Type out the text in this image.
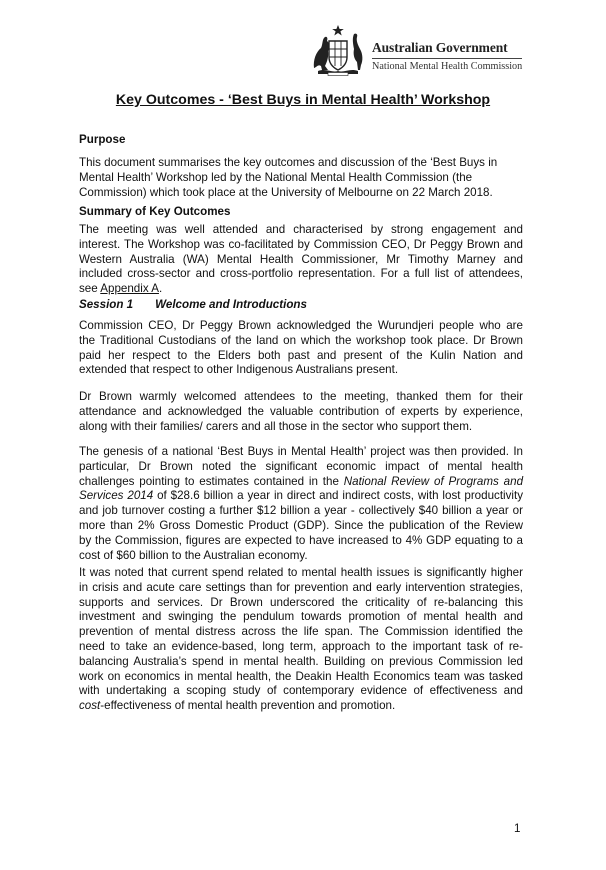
Australian Government
National Mental Health Commission
Key Outcomes - ‘Best Buys in Mental Health’ Workshop
Purpose
This document summarises the key outcomes and discussion of the ‘Best Buys in
Mental Health’ Workshop led by the National Mental Health Commission (the
Commission) which took place at the University of Melbourne on 22 March 2018.
Summary of Key Outcomes
The meeting was well attended and characterised by strong engagement and
interest. The Workshop was co-facilitated by Commission CEO, Dr Peggy Brown and
Western Australia (WA) Mental Health Commissioner, Mr Timothy Marney and
included cross-sector and cross-portfolio representation. For a full list of attendees,
see Appendix A.
Session 1 Welcome and Introductions
Commission CEO, Dr Peggy Brown acknowledged the Wurundjeri people who are
the Traditional Custodians of the land on which the workshop took place. Dr Brown
paid her respect to the Elders both past and present of the Kulin Nation and
extended that respect to other Indigenous Australians present.
Dr Brown warmly welcomed attendees to the meeting, thanked them for their
attendance and acknowledged the valuable contribution of experts by experience,
along with their families/ carers and all those in the sector who support them.
The genesis of a national ‘Best Buys in Mental Health’ project was then provided. In
particular, Dr Brown noted the significant economic impact of mental health
challenges pointing to estimates contained in the National Review of Programs and
Services 2014 of $28.6 billion a year in direct and indirect costs, with lost productivity
and job turnover costing a further $12 billion a year - collectively $40 billion a year or
more than 2% Gross Domestic Product (GDP). Since the publication of the Review
by the Commission, figures are expected to have increased to 4% GDP equating to a
cost of $60 billion to the Australian economy.
It was noted that current spend related to mental health issues is significantly higher
in crisis and acute care settings than for prevention and early intervention strategies,
supports and services. Dr Brown underscored the criticality of re-balancing this
investment and swinging the pendulum towards promotion of mental health and
prevention of mental distress across the life span. The Commission identified the
need to take an evidence-based, long term, approach to the important task of re-
balancing Australia’s spend in mental health. Building on previous Commission led
work on economics in mental health, the Deakin Health Economics team was tasked
with undertaking a scoping study of contemporary evidence of effectiveness and
cost-effectiveness of mental health prevention and promotion.
1
